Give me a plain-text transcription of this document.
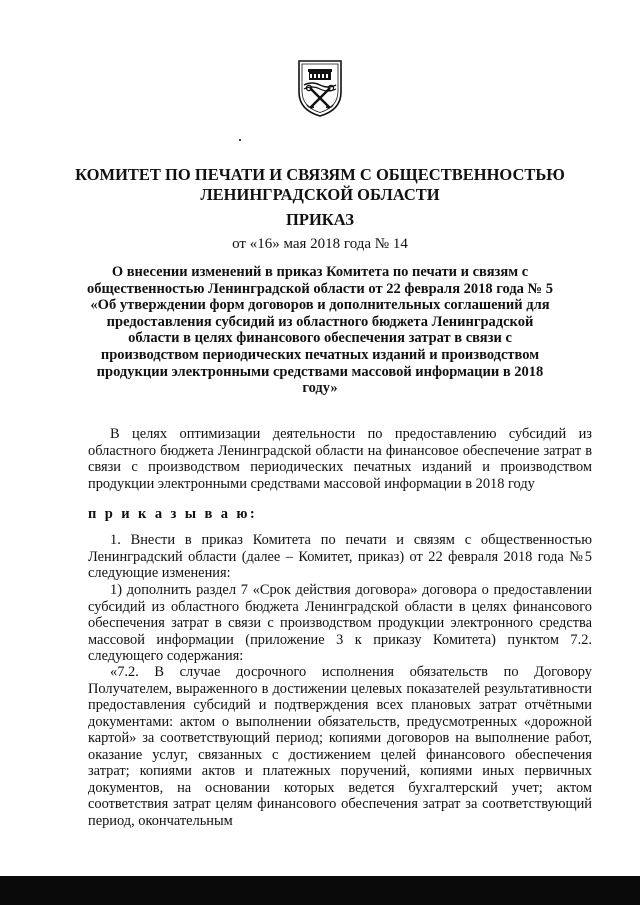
КОМИТЕТ ПО ПЕЧАТИ И СВЯЗЯМ С ОБЩЕСТВЕННОСТЬЮ ЛЕНИНГРАДСКОЙ ОБЛАСТИ
ПРИКАЗ
от «16» мая 2018 года № 14
О внесении изменений в приказ Комитета по печати и связям с общественностью Ленинградской области от 22 февраля 2018 года № 5 «Об утверждении форм договоров и дополнительных соглашений для предоставления субсидий из областного бюджета Ленинградской области в целях финансового обеспечения затрат в связи с производством периодических печатных изданий и производством продукции электронными средствами массовой информации в 2018 году»
В целях оптимизации деятельности по предоставлению субсидий из областного бюджета Ленинградской области на финансовое обеспечение затрат в связи с производством периодических печатных изданий и производством продукции электронными средствами массовой информации в 2018 году
п р и к а з ы в а ю:
1. Внести в приказ Комитета по печати и связям с общественностью Ленинградский области (далее – Комитет, приказ) от 22 февраля 2018 года №5 следующие изменения:
1) дополнить раздел 7 «Срок действия договора» договора о предоставлении субсидий из областного бюджета Ленинградской области в целях финансового обеспечения затрат в связи с производством продукции электронного средства массовой информации (приложение 3 к приказу Комитета) пунктом 7.2. следующего содержания:
«7.2. В случае досрочного исполнения обязательств по Договору Получателем, выраженного в достижении целевых показателей результативности предоставления субсидий и подтверждения всех плановых затрат отчётными документами: актом о выполнении обязательств, предусмотренных «дорожной картой» за соответствующий период; копиями договоров на выполнение работ, оказание услуг, связанных с достижением целей финансового обеспечения затрат; копиями актов и платежных поручений, копиями иных первичных документов, на основании которых ведется бухгалтерский учет; актом соответствия затрат целям финансового обеспечения затрат за соответствующий период, окончательным
